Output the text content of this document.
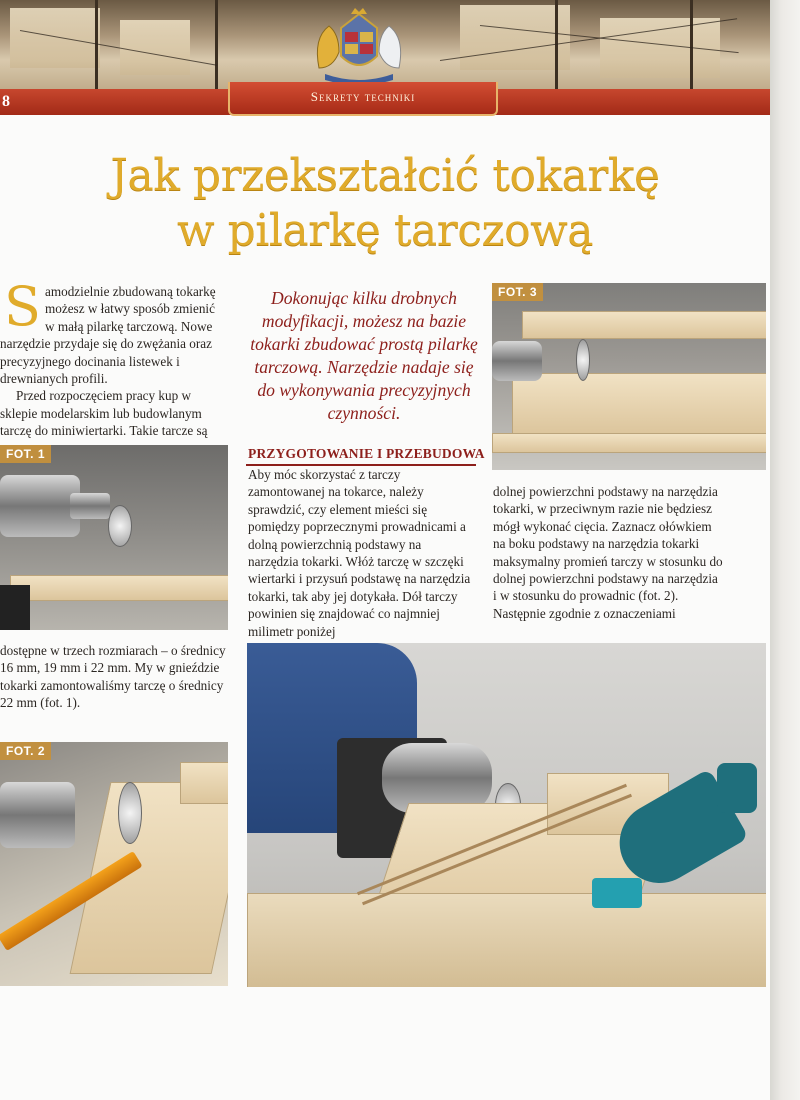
Sekrety techniki
8
Jak przekształcić tokarkę
w pilarkę tarczową

Samodzielnie zbudowaną tokarkę możesz w łatwy sposób zmienić w małą pilarkę tarczową. Nowe narzędzie przydaje się do zwężania oraz precyzyjnego docinania listewek i drewnianych profili.

Przed rozpoczęciem pracy kup w sklepie modelarskim lub budowlanym tarczę do miniwiertarki. Takie tarcze są

FOT. 1
dostępne w trzech rozmiarach – o średnicy 16 mm, 19 mm i 22 mm. My w gnieździe tokarki zamontowaliśmy tarczę o średnicy 22 mm (fot. 1).
FOT. 2
Dokonując kilku drobnych modyfikacji, możesz na bazie tokarki zbudować prostą pilarkę tarczową. Narzędzie nadaje się do wykonywania precyzyjnych czynności.
PRZYGOTOWANIE I PRZEBUDOWA
Aby móc skorzystać z tarczy zamontowanej na tokarce, należy sprawdzić, czy element mieści się pomiędzy poprzecznymi prowadnicami a dolną powierzchnią podstawy na narzędzia tokarki. Włóż tarczę w szczęki wiertarki i przysuń podstawę na narzędzia tokarki, tak aby jej dotykała. Dół tarczy powinien się znajdować co najmniej milimetr poniżej
dolnej powierzchni podstawy na narzędzia tokarki, w przeciwnym razie nie będziesz mógł wykonać cięcia. Zaznacz ołówkiem na boku podstawy na narzędzia tokarki maksymalny promień tarczy w stosunku do dolnej powierzchni podstawy na narzędzia i w stosunku do prowadnic (fot. 2). Następnie zgodnie z oznaczeniami
FOT. 3
